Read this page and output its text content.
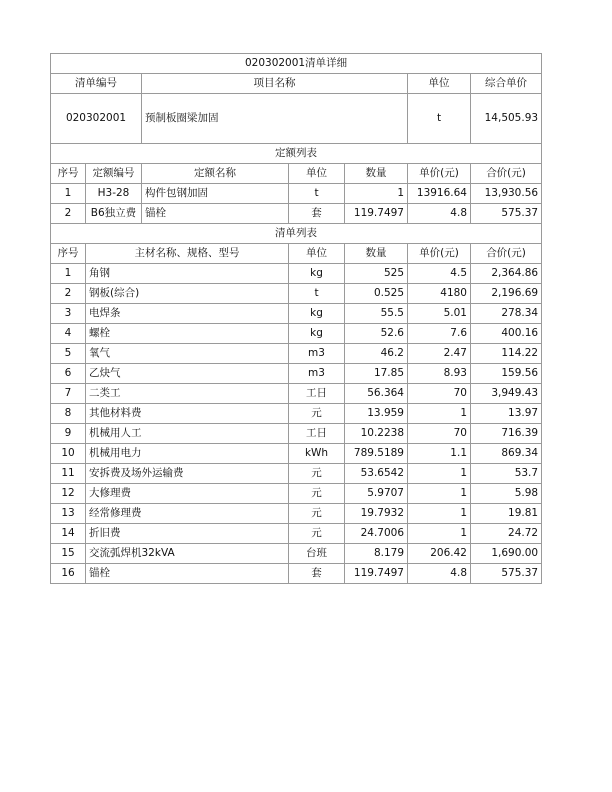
020302001清单详细						
清单编号		项目名称			单位	综合单价
020302001		预制板圈梁加固			t	14,505.93
定额列表						
序号	定额编号	定额名称	单位	数量	单价(元)	合价(元)
1	H3-28	构件包钢加固	t	1	13916.64	13,930.56
2	B6独立费	锚栓	套	119.7497	4.8	575.37
清单列表						
序号	主材名称、规格、型号		单位	数量	单价(元)	合价(元)
1	角钢		kg	525	4.5	2,364.86
2	钢板(综合)		t	0.525	4180	2,196.69
3	电焊条		kg	55.5	5.01	278.34
4	螺栓		kg	52.6	7.6	400.16
5	氧气		m3	46.2	2.47	114.22
6	乙炔气		m3	17.85	8.93	159.56
7	二类工		工日	56.364	70	3,949.43
8	其他材料费		元	13.959	1	13.97
9	机械用人工		工日	10.2238	70	716.39
10	机械用电力		kWh	789.5189	1.1	869.34
11	安拆费及场外运输费		元	53.6542	1	53.7
12	大修理费		元	5.9707	1	5.98
13	经常修理费		元	19.7932	1	19.81
14	折旧费		元	24.7006	1	24.72
15	交流弧焊机32kVA		台班	8.179	206.42	1,690.00
16	锚栓		套	119.7497	4.8	575.37
